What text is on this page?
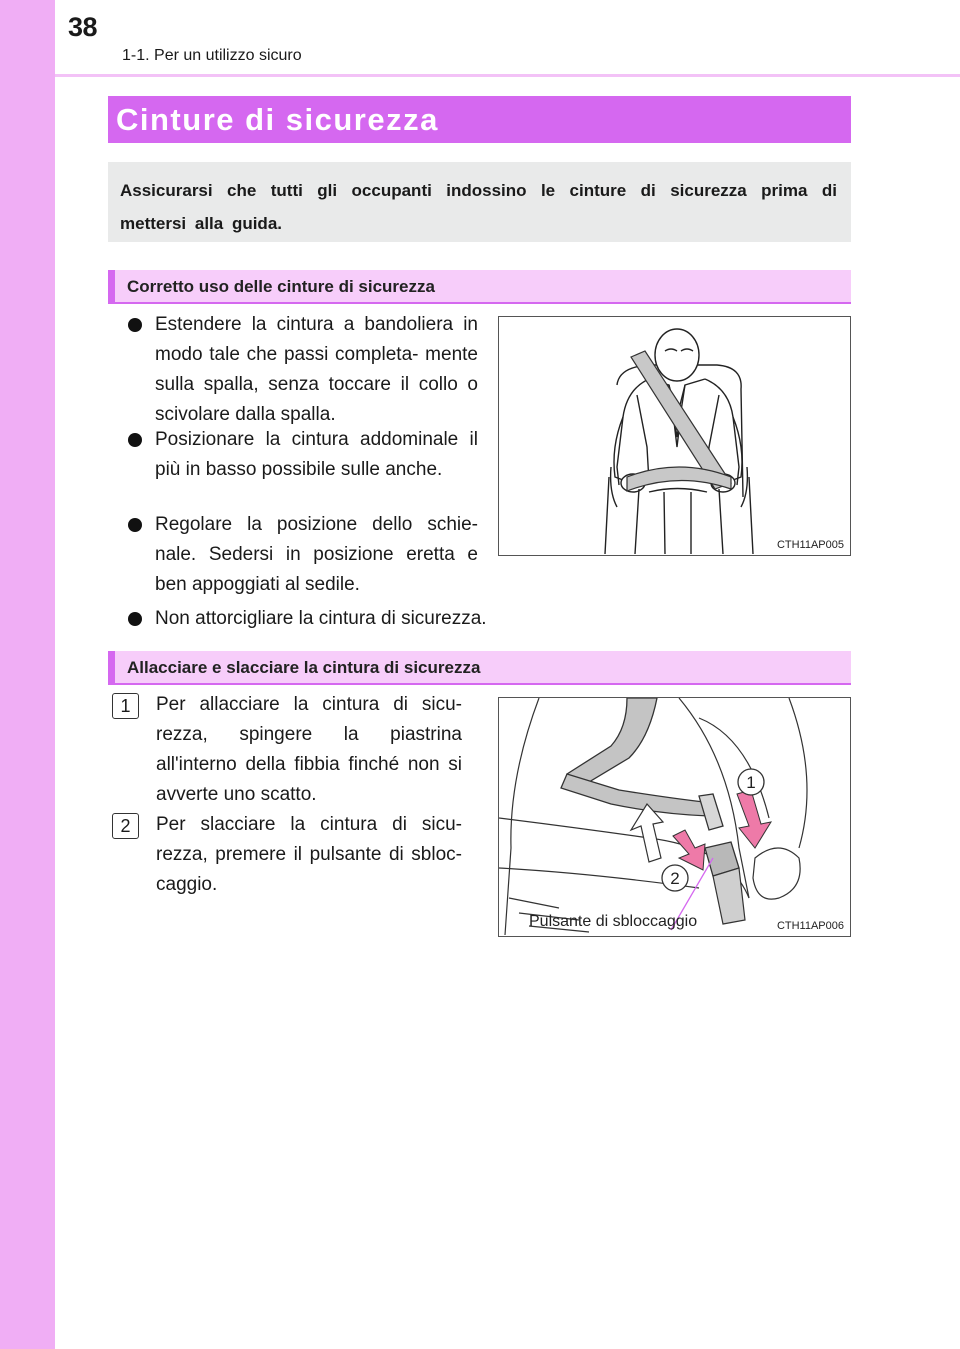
38
1-1. Per un utilizzo sicuro
Cinture di sicurezza
Assicurarsi che tutti gli occupanti indossino le cinture di sicurezza prima di mettersi alla guida.
Corretto uso delle cinture di sicurezza
Estendere la cintura a bandoliera in modo tale che passi completa- mente sulla spalla, senza toccare il collo o scivolare dalla spalla.
Posizionare la cintura addominale il più in basso possibile sulle anche.
Regolare la posizione dello schie- nale. Sedersi in posizione eretta e ben appoggiati al sedile.
Non attorcigliare la cintura di sicurezza.
CTH11AP005
Allacciare e slacciare la cintura di sicurezza
1	Per allacciare la cintura di sicu- rezza, spingere la piastrina all'interno della fibbia finché non si avverte uno scatto.
2	Per slacciare la cintura di sicu- rezza, premere il pulsante di sbloc- caggio.
1
2
Pulsante di sbloccaggio	CTH11AP006
